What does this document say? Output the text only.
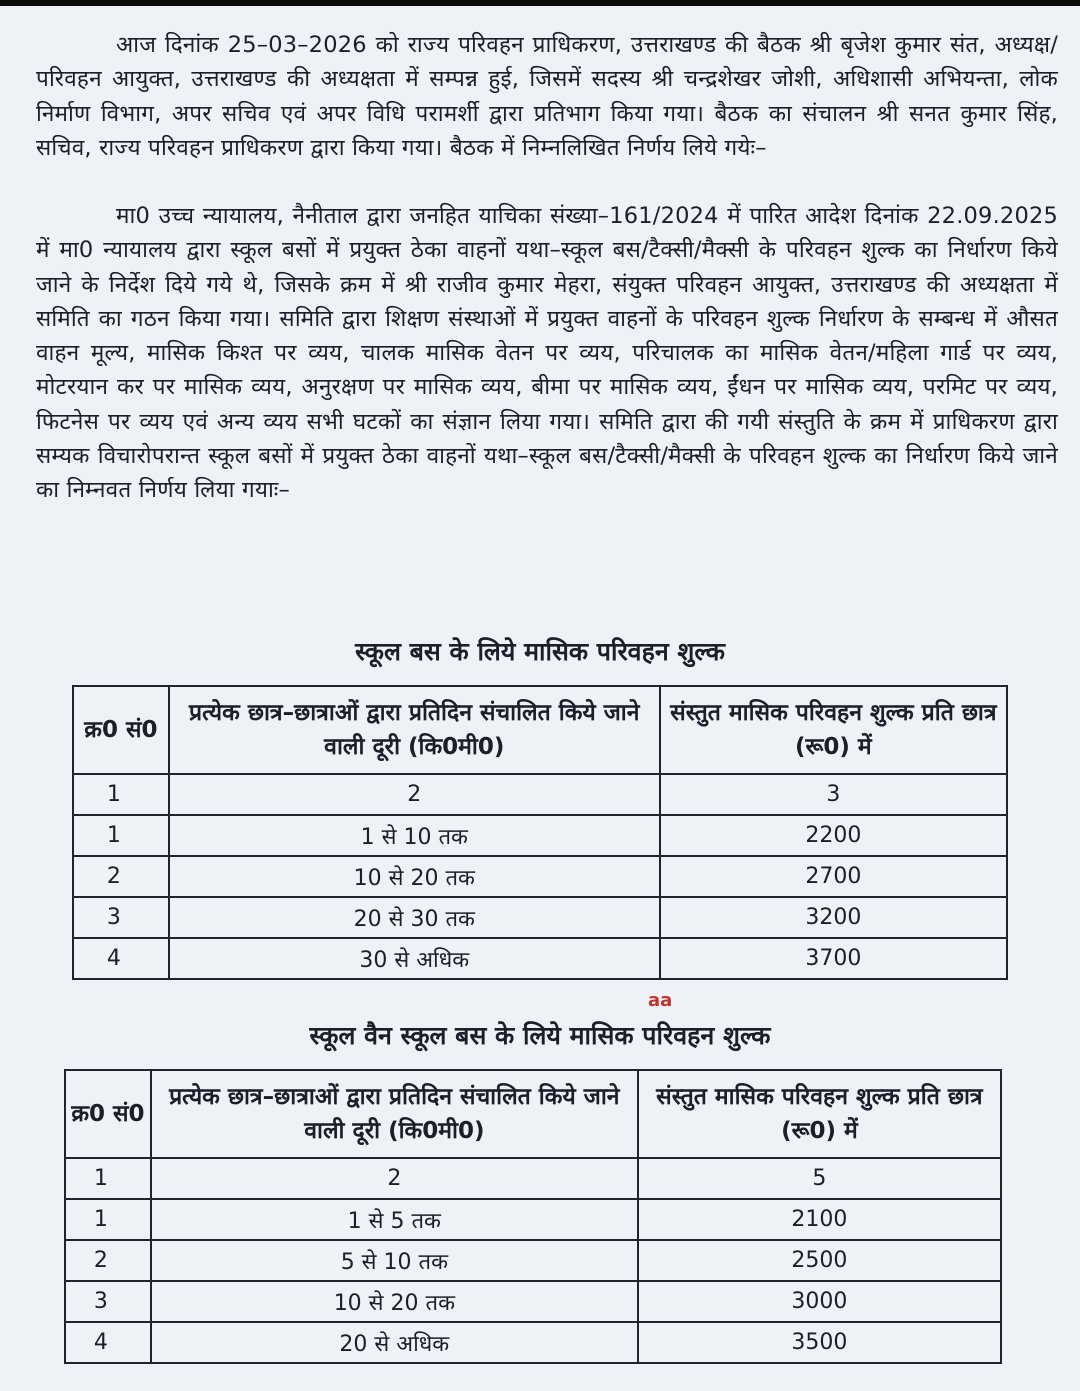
आज दिनांक 25–03–2026 को राज्य परिवहन प्राधिकरण, उत्तराखण्ड की बैठक श्री बृजेश कुमार संत, अध्यक्ष/परिवहन आयुक्त, उत्तराखण्ड की अध्यक्षता में सम्पन्न हुई, जिसमें सदस्य श्री चन्द्रशेखर जोशी, अधिशासी अभियन्ता, लोक निर्माण विभाग, अपर सचिव एवं अपर विधि परामर्शी द्वारा प्रतिभाग किया गया। बैठक का संचालन श्री सनत कुमार सिंह, सचिव, राज्य परिवहन प्राधिकरण द्वारा किया गया। बैठक में निम्नलिखित निर्णय लिये गयेः–

मा0 उच्च न्यायालय, नैनीताल द्वारा जनहित याचिका संख्या–161/2024 में पारित आदेश दिनांक 22.09.2025 में मा0 न्यायालय द्वारा स्कूल बसों में प्रयुक्त ठेका वाहनों यथा–स्कूल बस/टैक्सी/मैक्सी के परिवहन शुल्क का निर्धारण किये जाने के निर्देश दिये गये थे, जिसके क्रम में श्री राजीव कुमार मेहरा, संयुक्त परिवहन आयुक्त, उत्तराखण्ड की अध्यक्षता में समिति का गठन किया गया। समिति द्वारा शिक्षण संस्थाओं में प्रयुक्त वाहनों के परिवहन शुल्क निर्धारण के सम्बन्ध में औसत वाहन मूल्य, मासिक किश्त पर व्यय, चालक मासिक वेतन पर व्यय, परिचालक का मासिक वेतन/महिला गार्ड पर व्यय, मोटरयान कर पर मासिक व्यय, अनुरक्षण पर मासिक व्यय, बीमा पर मासिक व्यय, ईंधन पर मासिक व्यय, परमिट पर व्यय, फिटनेस पर व्यय एवं अन्य व्यय सभी घटकों का संज्ञान लिया गया। समिति द्वारा की गयी संस्तुति के क्रम में प्राधिकरण द्वारा सम्यक विचारोपरान्त स्कूल बसों में प्रयुक्त ठेका वाहनों यथा–स्कूल बस/टैक्सी/मैक्सी के परिवहन शुल्क का निर्धारण किये जाने का निम्नवत निर्णय लिया गयाः–

स्कूल बस के लिये मासिक परिवहन शुल्क
क्र0 सं0	प्रत्येक छात्र–छात्राओं द्वारा प्रतिदिन संचालित किये जाने वाली दूरी (कि0मी0)	संस्तुत मासिक परिवहन शुल्क प्रति छात्र (रू0) में
1	2	3
1	1 से 10 तक	2200
2	10 से 20 तक	2700
3	20 से 30 तक	3200
4	30 से अधिक	3700
aa
स्कूल वैन स्कूल बस के लिये मासिक परिवहन शुल्क
क्र0 सं0	प्रत्येक छात्र–छात्राओं द्वारा प्रतिदिन संचालित किये जाने वाली दूरी (कि0मी0)	संस्तुत मासिक परिवहन शुल्क प्रति छात्र (रू0) में
1	2	5
1	1 से 5 तक	2100
2	5 से 10 तक	2500
3	10 से 20 तक	3000
4	20 से अधिक	3500
